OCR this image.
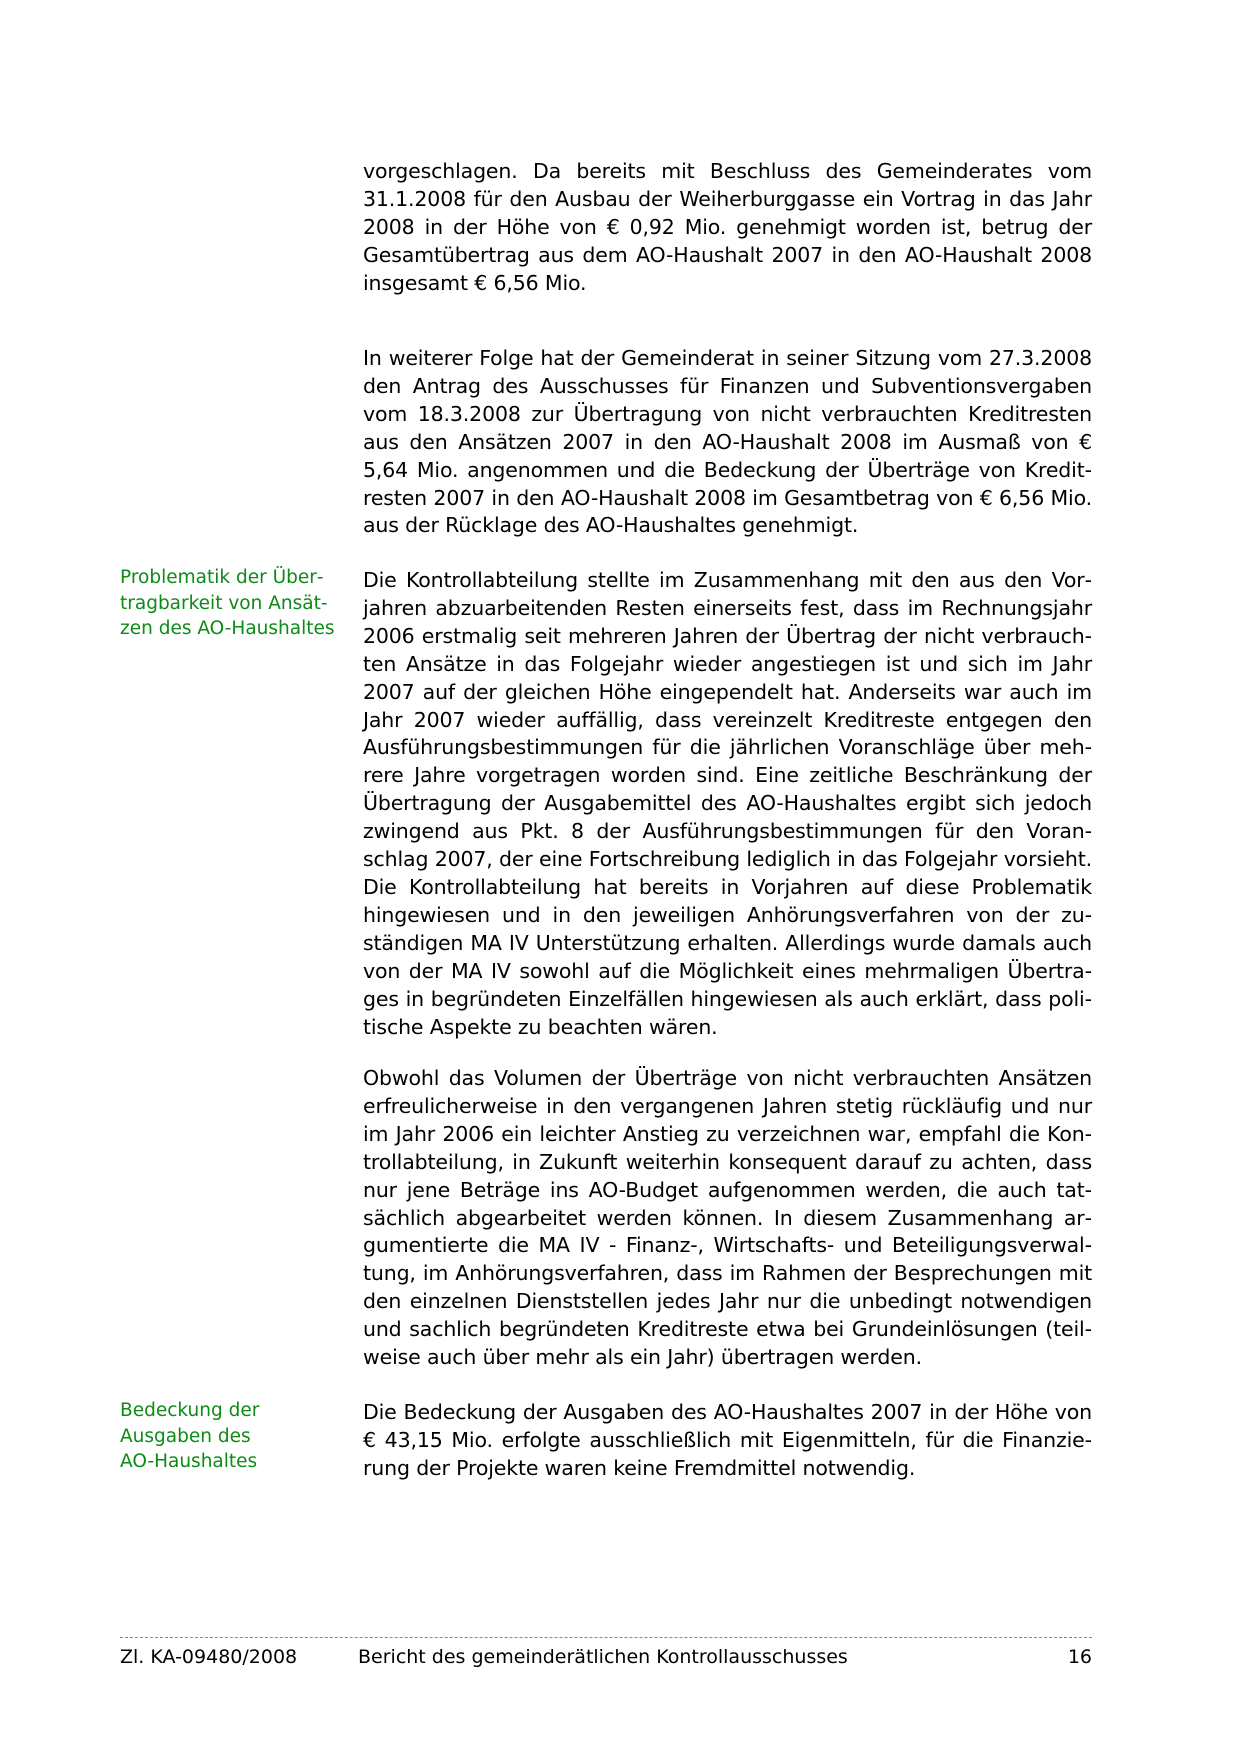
vorgeschlagen. Da bereits mit Beschluss des Gemeinderates vom 31.1.2008 für den Ausbau der Weiherburggasse ein Vortrag in das Jahr 2008 in der Höhe von € 0,92 Mio. genehmigt worden ist, betrug der Gesamtübertrag aus dem AO-Haushalt 2007 in den AO-Haushalt 2008 insgesamt € 6,56 Mio.

In weiterer Folge hat der Gemeinderat in seiner Sitzung vom 27.3.2008 den Antrag des Ausschusses für Finanzen und Subventionsvergaben vom 18.3.2008 zur Übertragung von nicht verbrauchten Kreditresten aus den Ansätzen 2007 in den AO-Haushalt 2008 im Ausmaß von € 5,64 Mio. angenommen und die Bedeckung der Überträge von Kreditresten 2007 in den AO-Haushalt 2008 im Gesamtbetrag von € 6,56 Mio. aus der Rücklage des AO-Haushaltes genehmigt.

Problematik der Übertragbarkeit von Ansätzen des AO-Haushaltes

Die Kontrollabteilung stellte im Zusammenhang mit den aus den Vorjahren abzuarbeitenden Resten einerseits fest, dass im Rechnungsjahr 2006 erstmalig seit mehreren Jahren der Übertrag der nicht verbrauchten Ansätze in das Folgejahr wieder angestiegen ist und sich im Jahr 2007 auf der gleichen Höhe eingependelt hat. Anderseits war auch im Jahr 2007 wieder auffällig, dass vereinzelt Kreditreste entgegen den Ausführungsbestimmungen für die jährlichen Voranschläge über mehrere Jahre vorgetragen worden sind. Eine zeitliche Beschränkung der Übertragung der Ausgabemittel des AO-Haushaltes ergibt sich jedoch zwingend aus Pkt. 8 der Ausführungsbestimmungen für den Voranschlag 2007, der eine Fortschreibung lediglich in das Folgejahr vorsieht. Die Kontrollabteilung hat bereits in Vorjahren auf diese Problematik hingewiesen und in den jeweiligen Anhörungsverfahren von der zuständigen MA IV Unterstützung erhalten. Allerdings wurde damals auch von der MA IV sowohl auf die Möglichkeit eines mehrmaligen Übertrages in begründeten Einzelfällen hingewiesen als auch erklärt, dass politische Aspekte zu beachten wären.

Obwohl das Volumen der Überträge von nicht verbrauchten Ansätzen erfreulicherweise in den vergangenen Jahren stetig rückläufig und nur im Jahr 2006 ein leichter Anstieg zu verzeichnen war, empfahl die Kontrollabteilung, in Zukunft weiterhin konsequent darauf zu achten, dass nur jene Beträge ins AO-Budget aufgenommen werden, die auch tatsächlich abgearbeitet werden können. In diesem Zusammenhang argumentierte die MA IV - Finanz-, Wirtschafts- und Beteiligungsverwaltung, im Anhörungsverfahren, dass im Rahmen der Besprechungen mit den einzelnen Dienststellen jedes Jahr nur die unbedingt notwendigen und sachlich begründeten Kreditreste etwa bei Grundeinlösungen (teilweise auch über mehr als ein Jahr) übertragen werden.

Bedeckung der Ausgaben des AO-Haushaltes

Die Bedeckung der Ausgaben des AO-Haushaltes 2007 in der Höhe von € 43,15 Mio. erfolgte ausschließlich mit Eigenmitteln, für die Finanzierung der Projekte waren keine Fremdmittel notwendig.

Zl. KA-09480/2008	Bericht des gemeinderätlichen Kontrollausschusses	16
